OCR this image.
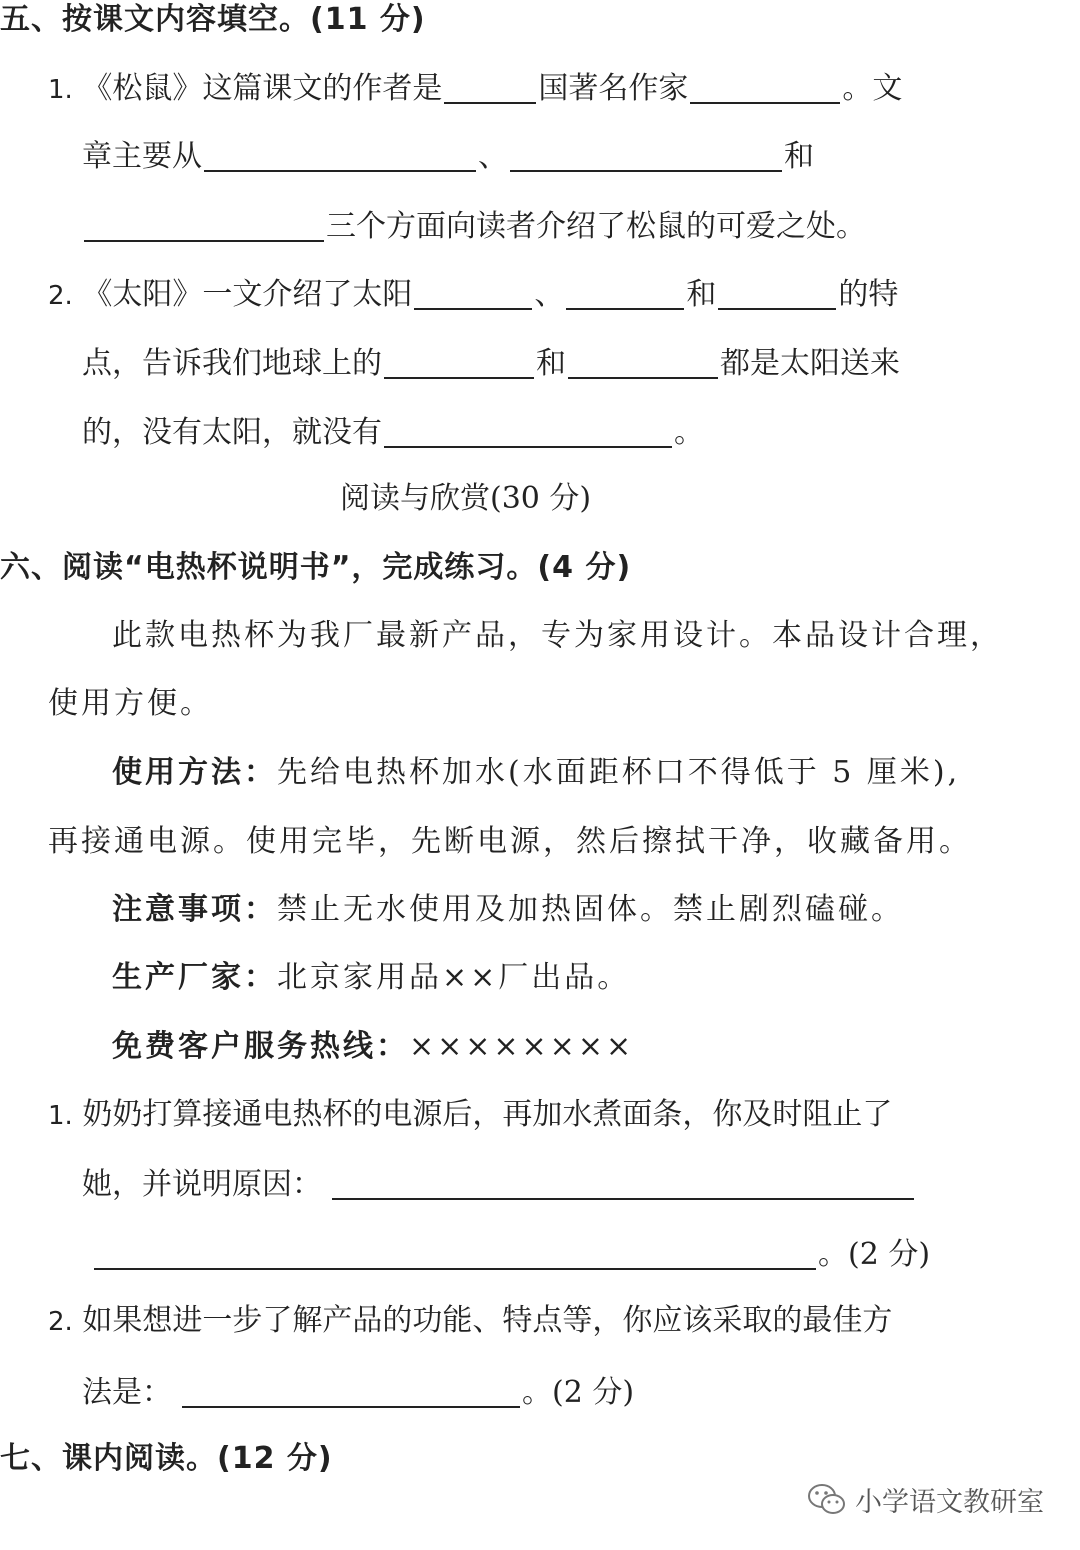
五、按课文内容填空。(11 分)
1. 《松鼠》这篇课文的作者是	国著名作家	。文
章主要从	、	和
三个方面向读者介绍了松鼠的可爱之处。
2. 《太阳》一文介绍了太阳	、	和	的特
点，告诉我们地球上的	和	都是太阳送来
的，没有太阳，就没有	。
阅读与欣赏(30 分)
六、阅读“电热杯说明书”，完成练习。(4 分)
此款电热杯为我厂最新产品，专为家用设计。本品设计合理，
使用方便。
使用方法：先给电热杯加水(水面距杯口不得低于 5 厘米),
再接通电源。使用完毕，先断电源，然后擦拭干净，收藏备用。
注意事项：禁止无水使用及加热固体。禁止剧烈磕碰。
生产厂家：北京家用品××厂出品。
免费客户服务热线：××××××××
1. 奶奶打算接通电热杯的电源后，再加水煮面条，你及时阻止了
她，并说明原因：
。(2 分)
2. 如果想进一步了解产品的功能、特点等，你应该采取的最佳方
法是：	。(2 分)
七、课内阅读。(12 分)
小学语文教研室
